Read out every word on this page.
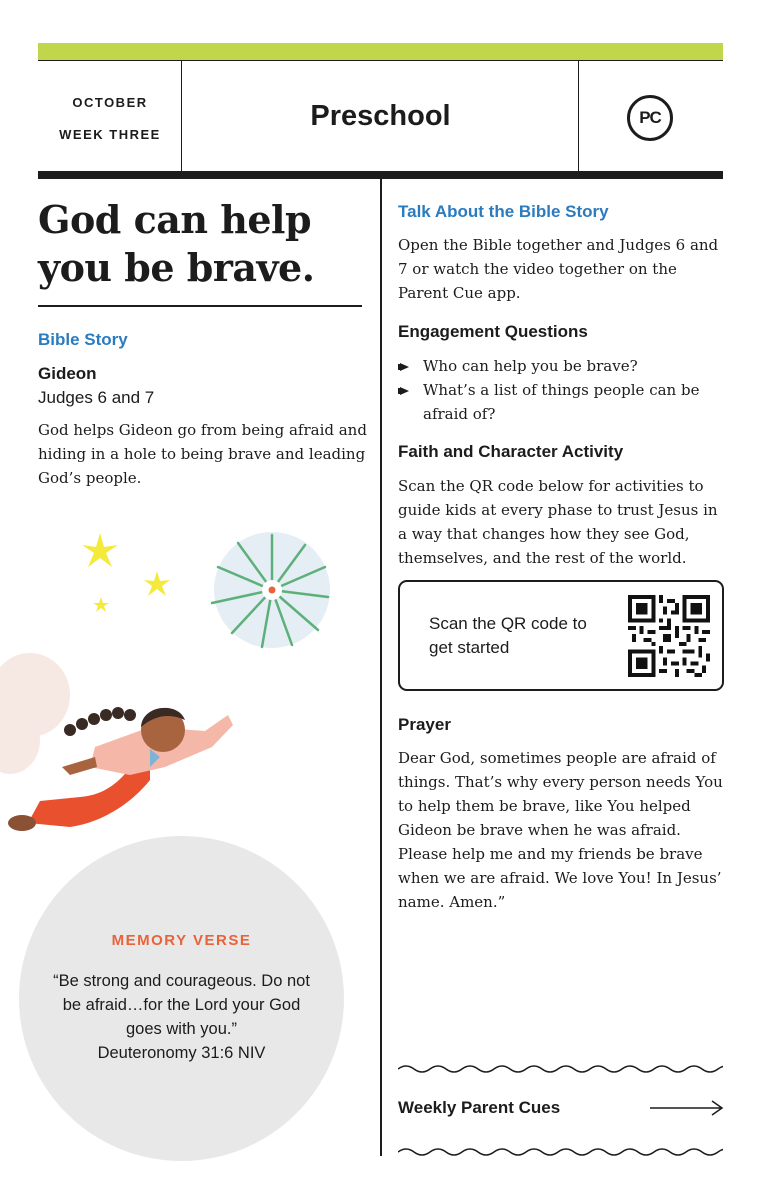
OCTOBER
WEEK THREE
Preschool	PC
God can help you be brave.
Bible Story
Gideon
Judges 6 and 7
God helps Gideon go from being afraid and hiding in a hole to being brave and leading God’s people.
MEMORY VERSE
“Be strong and courageous. Do not be afraid…for the Lord your God goes with you.”
Deuteronomy 31:6 NIV
Talk About the Bible Story
Open the Bible together and Judges 6 and 7 or watch the video together on the Parent Cue app.
Engagement Questions
Who can help you be brave?
What’s a list of things people can be afraid of?
Faith and Character Activity
Scan the QR code below for activities to guide kids at every phase to trust Jesus in a way that changes how they see God, themselves, and the rest of the world.
Scan the QR code to get started
Prayer
Dear God, sometimes people are afraid of things. That’s why every person needs You to help them be brave, like You helped Gideon be brave when he was afraid. Please help me and my friends be brave when we are afraid. We love You! In Jesus’ name. Amen.”
Weekly Parent Cues
